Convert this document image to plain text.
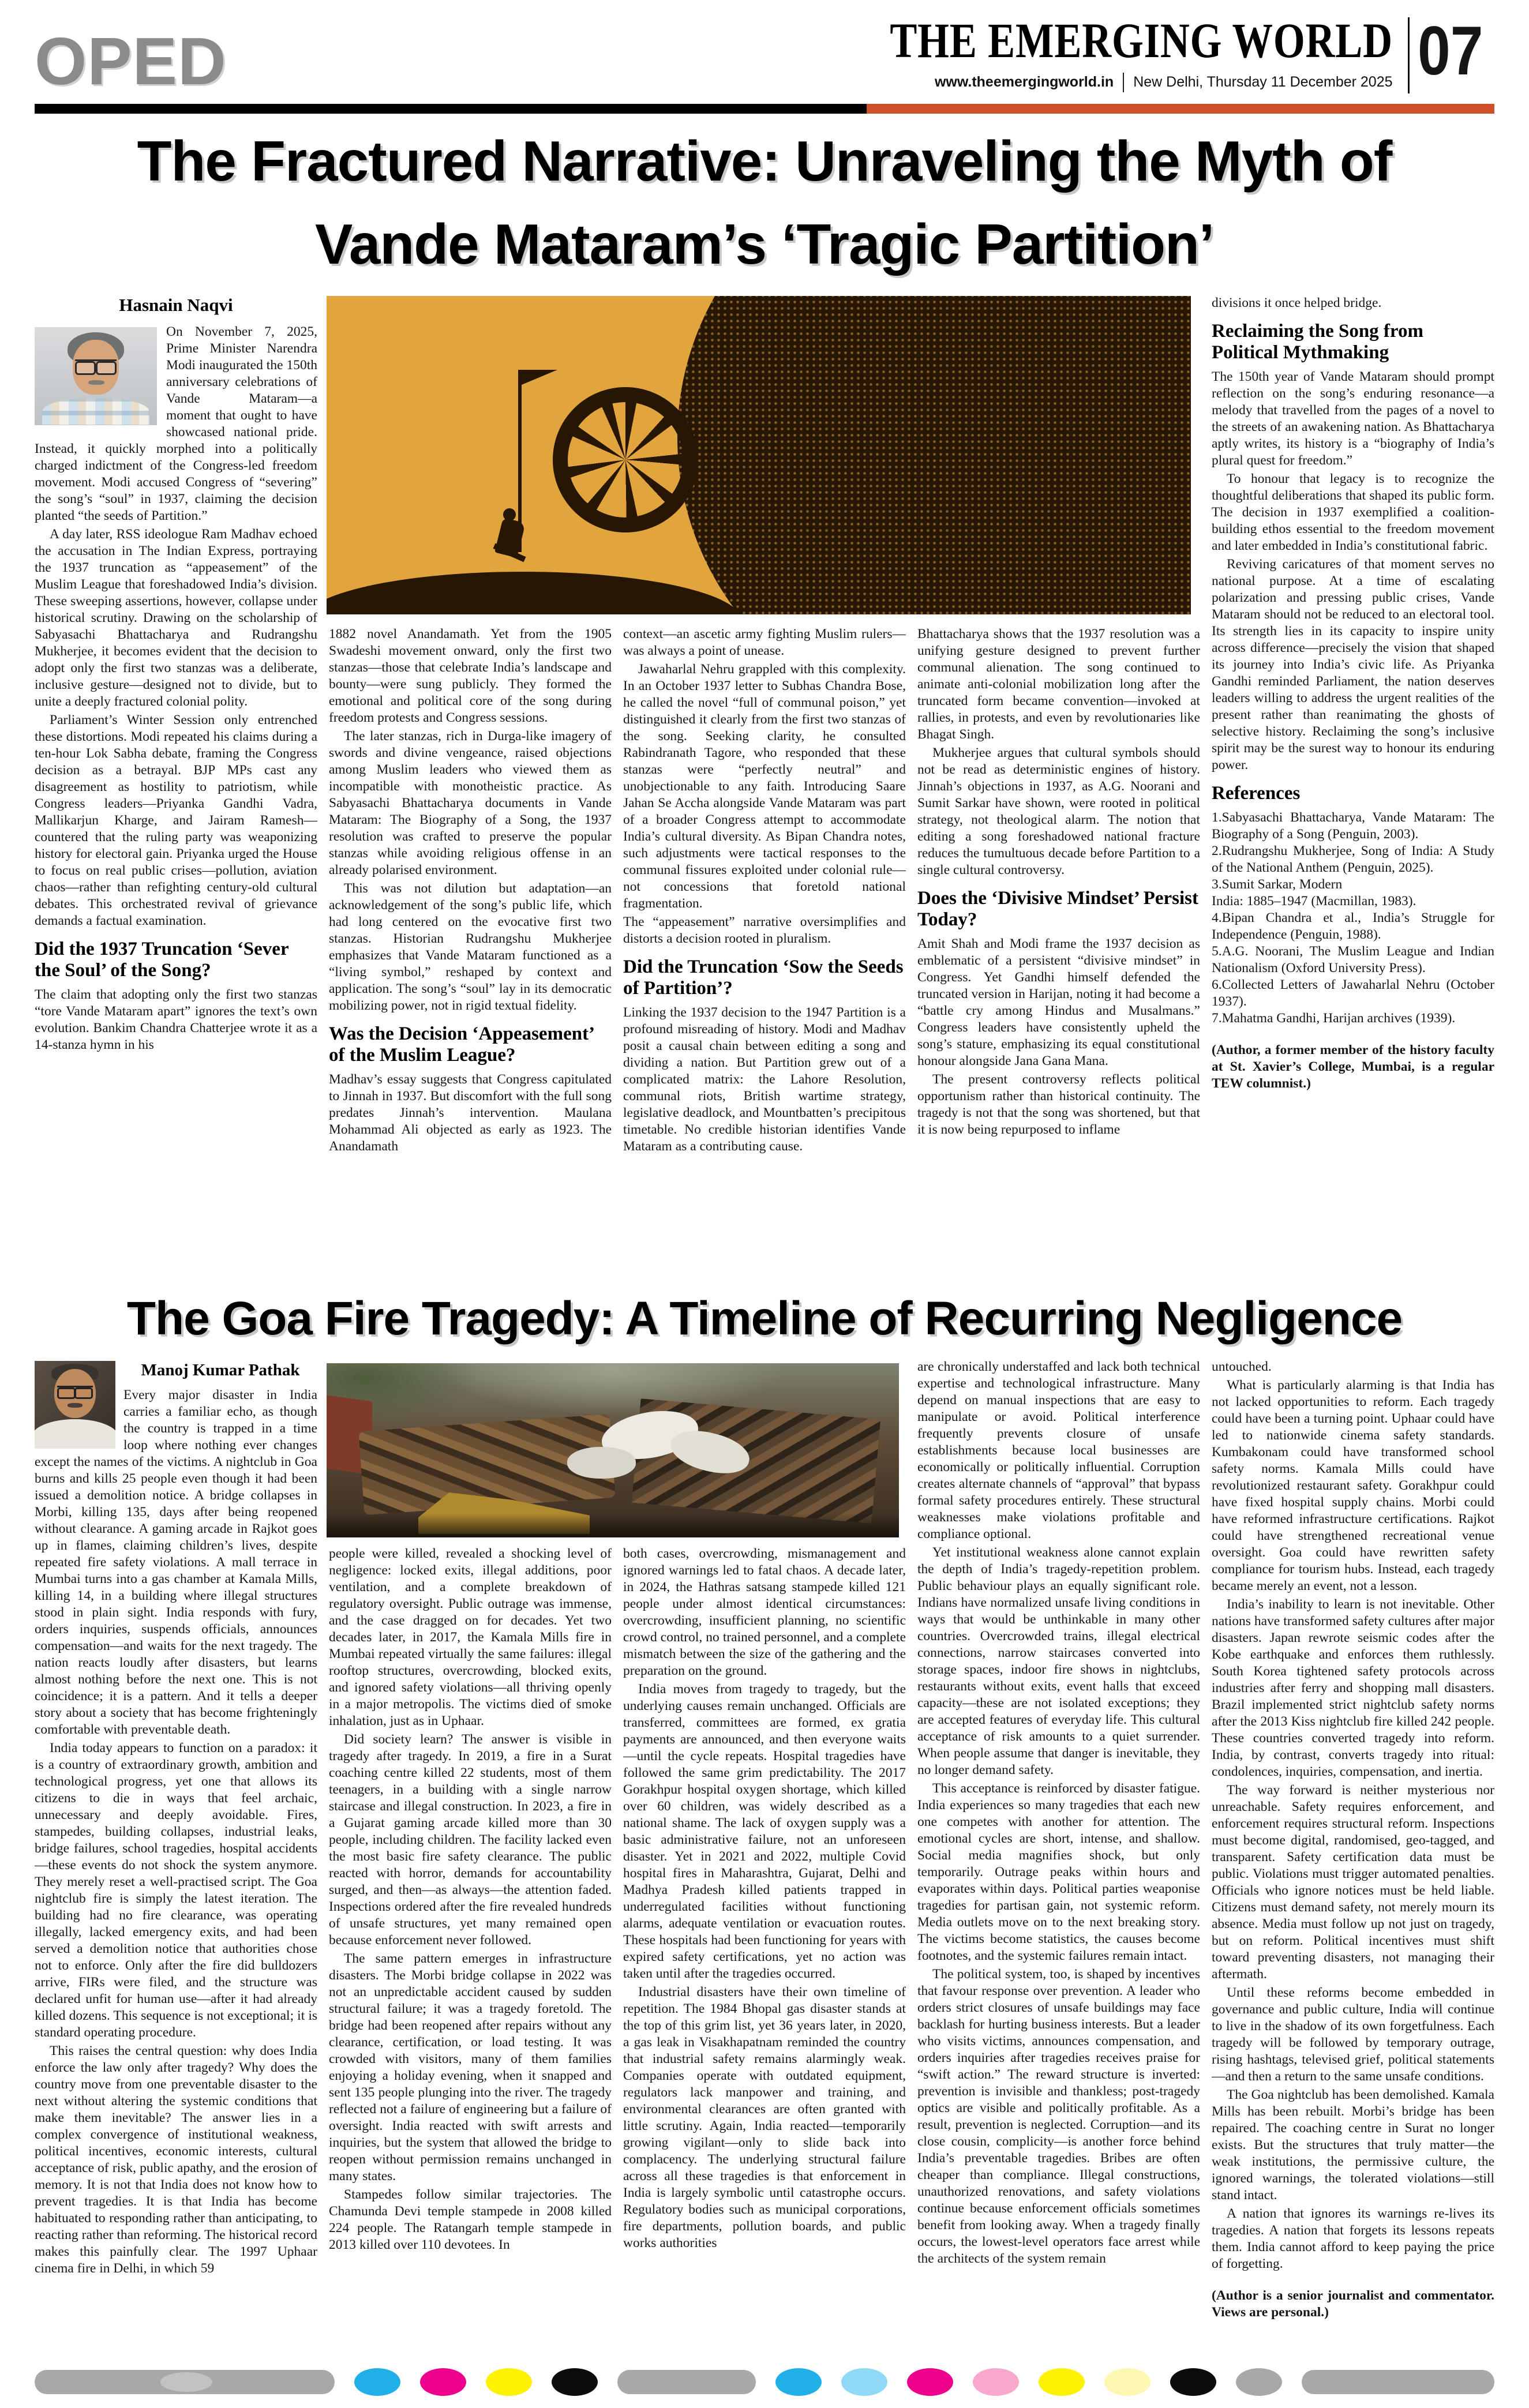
OPED	THE EMERGING WORLD
www.theemergingworld.in New Delhi, Thursday 11 December 2025 07
The Fractured Narrative: Unraveling the Myth of Vande Mataram’s ‘Tragic Partition’
Hasnain Naqvi

On November 7, 2025, Prime Minister Narendra Modi inaugurated the 150th anniversary celebrations of Vande Mataram—a moment that ought to have showcased national pride. Instead, it quickly morphed into a politically charged indictment of the Congress-led freedom movement. Modi accused Congress of “severing” the song’s “soul” in 1937, claiming the decision planted “the seeds of Partition.”

A day later, RSS ideologue Ram Madhav echoed the accusation in The Indian Express, portraying the 1937 truncation as “appeasement” of the Muslim League that foreshadowed India’s division. These sweeping assertions, however, collapse under historical scrutiny. Drawing on the scholarship of Sabyasachi Bhattacharya and Rudrangshu Mukherjee, it becomes evident that the decision to adopt only the first two stanzas was a deliberate, inclusive gesture—designed not to divide, but to unite a deeply fractured colonial polity.

Parliament’s Winter Session only entrenched these distortions. Modi repeated his claims during a ten-hour Lok Sabha debate, framing the Congress decision as a betrayal. BJP MPs cast any disagreement as hostility to patriotism, while Congress leaders—Priyanka Gandhi Vadra, Mallikarjun Kharge, and Jairam Ramesh—countered that the ruling party was weaponizing history for electoral gain. Priyanka urged the House to focus on real public crises—pollution, aviation chaos—rather than refighting century-old cultural debates. This orchestrated revival of grievance demands a factual examination.

Did the 1937 Truncation ‘Sever the Soul’ of the Song?

The claim that adopting only the first two stanzas “tore Vande Mataram apart” ignores the text’s own evolution. Bankim Chandra Chatterjee wrote it as a 14-stanza hymn in his

1882 novel Anandamath. Yet from the 1905 Swadeshi movement onward, only the first two stanzas—those that celebrate India’s landscape and bounty—were sung publicly. They formed the emotional and political core of the song during freedom protests and Congress sessions.

The later stanzas, rich in Durga-like imagery of swords and divine vengeance, raised objections among Muslim leaders who viewed them as incompatible with monotheistic practice. As Sabyasachi Bhattacharya documents in Vande Mataram: The Biography of a Song, the 1937 resolution was crafted to preserve the popular stanzas while avoiding religious offense in an already polarised environment.

This was not dilution but adaptation—an acknowledgement of the song’s public life, which had long centered on the evocative first two stanzas. Historian Rudrangshu Mukherjee emphasizes that Vande Mataram functioned as a “living symbol,” reshaped by context and application. The song’s “soul” lay in its democratic mobilizing power, not in rigid textual fidelity.

Was the Decision ‘Appeasement’ of the Muslim League?

Madhav’s essay suggests that Congress capitulated to Jinnah in 1937. But discomfort with the full song predates Jinnah’s intervention. Maulana Mohammad Ali objected as early as 1923. The Anandamath

context—an ascetic army fighting Muslim rulers—was always a point of unease.

Jawaharlal Nehru grappled with this complexity. In an October 1937 letter to Subhas Chandra Bose, he called the novel “full of communal poison,” yet distinguished it clearly from the first two stanzas of the song. Seeking clarity, he consulted Rabindranath Tagore, who responded that these stanzas were “perfectly neutral” and unobjectionable to any faith. Introducing Saare Jahan Se Accha alongside Vande Mataram was part of a broader Congress attempt to accommodate India’s cultural diversity. As Bipan Chandra notes, such adjustments were tactical responses to the communal fissures exploited under colonial rule—not concessions that foretold national fragmentation.

The “appeasement” narrative oversimplifies and distorts a decision rooted in pluralism.

Did the Truncation ‘Sow the Seeds of Partition’?

Linking the 1937 decision to the 1947 Partition is a profound misreading of history. Modi and Madhav posit a causal chain between editing a song and dividing a nation. But Partition grew out of a complicated matrix: the Lahore Resolution, communal riots, British wartime strategy, legislative deadlock, and Mountbatten’s precipitous timetable. No credible historian identifies Vande Mataram as a contributing cause.

Bhattacharya shows that the 1937 resolution was a unifying gesture designed to prevent further communal alienation. The song continued to animate anti-colonial mobilization long after the truncated form became convention—invoked at rallies, in protests, and even by revolutionaries like Bhagat Singh.

Mukherjee argues that cultural symbols should not be read as deterministic engines of history. Jinnah’s objections in 1937, as A.G. Noorani and Sumit Sarkar have shown, were rooted in political strategy, not theological alarm. The notion that editing a song foreshadowed national fracture reduces the tumultuous decade before Partition to a single cultural controversy.

Does the ‘Divisive Mindset’ Persist Today?

Amit Shah and Modi frame the 1937 decision as emblematic of a persistent “divisive mindset” in Congress. Yet Gandhi himself defended the truncated version in Harijan, noting it had become a “battle cry among Hindus and Musalmans.” Congress leaders have consistently upheld the song’s stature, emphasizing its equal constitutional honour alongside Jana Gana Mana.

The present controversy reflects political opportunism rather than historical continuity. The tragedy is not that the song was shortened, but that it is now being repurposed to inflame

divisions it once helped bridge.

Reclaiming the Song from Political Mythmaking

The 150th year of Vande Mataram should prompt reflection on the song’s enduring resonance—a melody that travelled from the pages of a novel to the streets of an awakening nation. As Bhattacharya aptly writes, its history is a “biography of India’s plural quest for freedom.”

To honour that legacy is to recognize the thoughtful deliberations that shaped its public form. The decision in 1937 exemplified a coalition-building ethos essential to the freedom movement and later embedded in India’s constitutional fabric.

Reviving caricatures of that moment serves no national purpose. At a time of escalating polarization and pressing public crises, Vande Mataram should not be reduced to an electoral tool. Its strength lies in its capacity to inspire unity across difference—precisely the vision that shaped its journey into India’s civic life. As Priyanka Gandhi reminded Parliament, the nation deserves leaders willing to address the urgent realities of the present rather than reanimating the ghosts of selective history. Reclaiming the song’s inclusive spirit may be the surest way to honour its enduring power.

References

1.Sabyasachi Bhattacharya, Vande Mataram: The Biography of a Song (Penguin, 2003).

2.Rudrangshu Mukherjee, Song of India: A Study of the National Anthem (Penguin, 2025).

3.Sumit Sarkar, Modern

India: 1885–1947 (Macmillan, 1983).

4.Bipan Chandra et al., India’s Struggle for Independence (Penguin, 1988).

5.A.G. Noorani, The Muslim League and Indian Nationalism (Oxford University Press).

6.Collected Letters of Jawaharlal Nehru (October 1937).

7.Mahatma Gandhi, Harijan archives (1939).

(Author, a former member of the history faculty at St. Xavier’s College, Mumbai, is a regular TEW columnist.)

The Goa Fire Tragedy: A Timeline of Recurring Negligence
Manoj Kumar Pathak

Every major disaster in India carries a familiar echo, as though the country is trapped in a time loop where nothing ever changes except the names of the victims. A nightclub in Goa burns and kills 25 people even though it had been issued a demolition notice. A bridge collapses in Morbi, killing 135, days after being reopened without clearance. A gaming arcade in Rajkot goes up in flames, claiming children’s lives, despite repeated fire safety violations. A mall terrace in Mumbai turns into a gas chamber at Kamala Mills, killing 14, in a building where illegal structures stood in plain sight. India responds with fury, orders inquiries, suspends officials, announces compensation—and waits for the next tragedy. The nation reacts loudly after disasters, but learns almost nothing before the next one. This is not coincidence; it is a pattern. And it tells a deeper story about a society that has become frighteningly comfortable with preventable death.

India today appears to function on a paradox: it is a country of extraordinary growth, ambition and technological progress, yet one that allows its citizens to die in ways that feel archaic, unnecessary and deeply avoidable. Fires, stampedes, building collapses, industrial leaks, bridge failures, school tragedies, hospital accidents—these events do not shock the system anymore. They merely reset a well-practised script. The Goa nightclub fire is simply the latest iteration. The building had no fire clearance, was operating illegally, lacked emergency exits, and had been served a demolition notice that authorities chose not to enforce. Only after the fire did bulldozers arrive, FIRs were filed, and the structure was declared unfit for human use—after it had already killed dozens. This sequence is not exceptional; it is standard operating procedure.

This raises the central question: why does India enforce the law only after tragedy? Why does the country move from one preventable disaster to the next without altering the systemic conditions that make them inevitable? The answer lies in a complex convergence of institutional weakness, political incentives, economic interests, cultural acceptance of risk, public apathy, and the erosion of memory. It is not that India does not know how to prevent tragedies. It is that India has become habituated to responding rather than anticipating, to reacting rather than reforming. The historical record makes this painfully clear. The 1997 Uphaar cinema fire in Delhi, in which 59

people were killed, revealed a shocking level of negligence: locked exits, illegal additions, poor ventilation, and a complete breakdown of regulatory oversight. Public outrage was immense, and the case dragged on for decades. Yet two decades later, in 2017, the Kamala Mills fire in Mumbai repeated virtually the same failures: illegal rooftop structures, overcrowding, blocked exits, and ignored safety violations—all thriving openly in a major metropolis. The victims died of smoke inhalation, just as in Uphaar.

Did society learn? The answer is visible in tragedy after tragedy. In 2019, a fire in a Surat coaching centre killed 22 students, most of them teenagers, in a building with a single narrow staircase and illegal construction. In 2023, a fire in a Gujarat gaming arcade killed more than 30 people, including children. The facility lacked even the most basic fire safety clearance. The public reacted with horror, demands for accountability surged, and then—as always—the attention faded. Inspections ordered after the fire revealed hundreds of unsafe structures, yet many remained open because enforcement never followed.

The same pattern emerges in infrastructure disasters. The Morbi bridge collapse in 2022 was not an unpredictable accident caused by sudden structural failure; it was a tragedy foretold. The bridge had been reopened after repairs without any clearance, certification, or load testing. It was crowded with visitors, many of them families enjoying a holiday evening, when it snapped and sent 135 people plunging into the river. The tragedy reflected not a failure of engineering but a failure of oversight. India reacted with swift arrests and inquiries, but the system that allowed the bridge to reopen without permission remains unchanged in many states.

Stampedes follow similar trajectories. The Chamunda Devi temple stampede in 2008 killed 224 people. The Ratangarh temple stampede in 2013 killed over 110 devotees. In

both cases, overcrowding, mismanagement and ignored warnings led to fatal chaos. A decade later, in 2024, the Hathras satsang stampede killed 121 people under almost identical circumstances: overcrowding, insufficient planning, no scientific crowd control, no trained personnel, and a complete mismatch between the size of the gathering and the preparation on the ground.

India moves from tragedy to tragedy, but the underlying causes remain unchanged. Officials are transferred, committees are formed, ex gratia payments are announced, and then everyone waits—until the cycle repeats. Hospital tragedies have followed the same grim predictability. The 2017 Gorakhpur hospital oxygen shortage, which killed over 60 children, was widely described as a national shame. The lack of oxygen supply was a basic administrative failure, not an unforeseen disaster. Yet in 2021 and 2022, multiple Covid hospital fires in Maharashtra, Gujarat, Delhi and Madhya Pradesh killed patients trapped in underregulated facilities without functioning alarms, adequate ventilation or evacuation routes. These hospitals had been functioning for years with expired safety certifications, yet no action was taken until after the tragedies occurred.

Industrial disasters have their own timeline of repetition. The 1984 Bhopal gas disaster stands at the top of this grim list, yet 36 years later, in 2020, a gas leak in Visakhapatnam reminded the country that industrial safety remains alarmingly weak. Companies operate with outdated equipment, regulators lack manpower and training, and environmental clearances are often granted with little scrutiny. Again, India reacted—temporarily growing vigilant—only to slide back into complacency. The underlying structural failure across all these tragedies is that enforcement in India is largely symbolic until catastrophe occurs. Regulatory bodies such as municipal corporations, fire departments, pollution boards, and public works authorities

are chronically understaffed and lack both technical expertise and technological infrastructure. Many depend on manual inspections that are easy to manipulate or avoid. Political interference frequently prevents closure of unsafe establishments because local businesses are economically or politically influential. Corruption creates alternate channels of “approval” that bypass formal safety procedures entirely. These structural weaknesses make violations profitable and compliance optional.

Yet institutional weakness alone cannot explain the depth of India’s tragedy-repetition problem. Public behaviour plays an equally significant role. Indians have normalized unsafe living conditions in ways that would be unthinkable in many other countries. Overcrowded trains, illegal electrical connections, narrow staircases converted into storage spaces, indoor fire shows in nightclubs, restaurants without exits, event halls that exceed capacity—these are not isolated exceptions; they are accepted features of everyday life. This cultural acceptance of risk amounts to a quiet surrender. When people assume that danger is inevitable, they no longer demand safety.

This acceptance is reinforced by disaster fatigue. India experiences so many tragedies that each new one competes with another for attention. The emotional cycles are short, intense, and shallow. Social media magnifies shock, but only temporarily. Outrage peaks within hours and evaporates within days. Political parties weaponise tragedies for partisan gain, not systemic reform. Media outlets move on to the next breaking story. The victims become statistics, the causes become footnotes, and the systemic failures remain intact.

The political system, too, is shaped by incentives that favour response over prevention. A leader who orders strict closures of unsafe buildings may face backlash for hurting business interests. But a leader who visits victims, announces compensation, and orders inquiries after tragedies receives praise for “swift action.” The reward structure is inverted: prevention is invisible and thankless; post-tragedy optics are visible and politically profitable. As a result, prevention is neglected. Corruption—and its close cousin, complicity—is another force behind India’s preventable tragedies. Bribes are often cheaper than compliance. Illegal constructions, unauthorized renovations, and safety violations continue because enforcement officials sometimes benefit from looking away. When a tragedy finally occurs, the lowest-level operators face arrest while the architects of the system remain

untouched.

What is particularly alarming is that India has not lacked opportunities to reform. Each tragedy could have been a turning point. Uphaar could have led to nationwide cinema safety standards. Kumbakonam could have transformed school safety norms. Kamala Mills could have revolutionized restaurant safety. Gorakhpur could have fixed hospital supply chains. Morbi could have reformed infrastructure certifications. Rajkot could have strengthened recreational venue oversight. Goa could have rewritten safety compliance for tourism hubs. Instead, each tragedy became merely an event, not a lesson.

India’s inability to learn is not inevitable. Other nations have transformed safety cultures after major disasters. Japan rewrote seismic codes after the Kobe earthquake and enforces them ruthlessly. South Korea tightened safety protocols across industries after ferry and shopping mall disasters. Brazil implemented strict nightclub safety norms after the 2013 Kiss nightclub fire killed 242 people. These countries converted tragedy into reform. India, by contrast, converts tragedy into ritual: condolences, inquiries, compensation, and inertia.

The way forward is neither mysterious nor unreachable. Safety requires enforcement, and enforcement requires structural reform. Inspections must become digital, randomised, geo-tagged, and transparent. Safety certification data must be public. Violations must trigger automated penalties. Officials who ignore notices must be held liable. Citizens must demand safety, not merely mourn its absence. Media must follow up not just on tragedy, but on reform. Political incentives must shift toward preventing disasters, not managing their aftermath.

Until these reforms become embedded in governance and public culture, India will continue to live in the shadow of its own forgetfulness. Each tragedy will be followed by temporary outrage, rising hashtags, televised grief, political statements—and then a return to the same unsafe conditions.

The Goa nightclub has been demolished. Kamala Mills has been rebuilt. Morbi’s bridge has been repaired. The coaching centre in Surat no longer exists. But the structures that truly matter—the weak institutions, the permissive culture, the ignored warnings, the tolerated violations—still stand intact.

A nation that ignores its warnings re-lives its tragedies. A nation that forgets its lessons repeats them. India cannot afford to keep paying the price of forgetting.

(Author is a senior journalist and commentator. Views are personal.)
